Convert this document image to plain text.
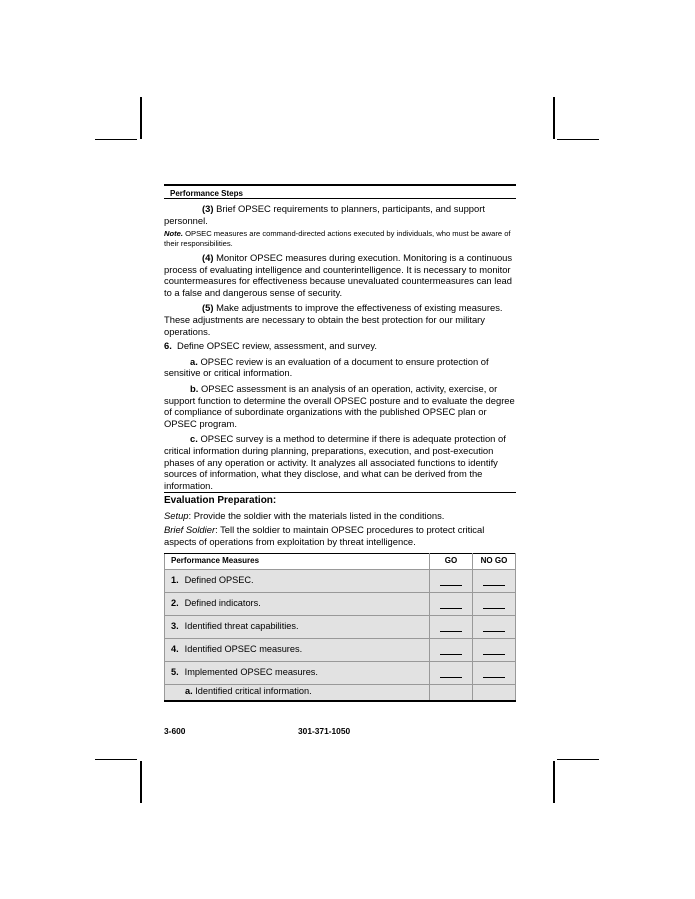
Performance Steps

(3) Brief OPSEC requirements to planners, participants, and support personnel.

Note. OPSEC measures are command-directed actions executed by individuals, who must be aware of their responsibilities.

(4) Monitor OPSEC measures during execution. Monitoring is a continuous process of evaluating intelligence and counterintelligence. It is necessary to monitor countermeasures for effectiveness because unevaluated countermeasures can lead to a false and dangerous sense of security.

(5) Make adjustments to improve the effectiveness of existing measures. These adjustments are necessary to obtain the best protection for our military operations.

6. Define OPSEC review, assessment, and survey.

a. OPSEC review is an evaluation of a document to ensure protection of sensitive or critical information.

b. OPSEC assessment is an analysis of an operation, activity, exercise, or support function to determine the overall OPSEC posture and to evaluate the degree of compliance of subordinate organizations with the published OPSEC plan or OPSEC program.

c. OPSEC survey is a method to determine if there is adequate protection of critical information during planning, preparations, execution, and post-execution phases of any operation or activity. It analyzes all associated functions to identify sources of information, what they disclose, and what can be derived from the information.

Evaluation Preparation:

Setup: Provide the soldier with the materials listed in the conditions.

Brief Soldier: Tell the soldier to maintain OPSEC procedures to protect critical aspects of operations from exploitation by threat intelligence.

Performance Measures	GO	NO GO
1. Defined OPSEC.		
2. Defined indicators.		
3. Identified threat capabilities.		
4. Identified OPSEC measures.		
5. Implemented OPSEC measures.		
a. Identified critical information.		
3-600	301-371-1050
